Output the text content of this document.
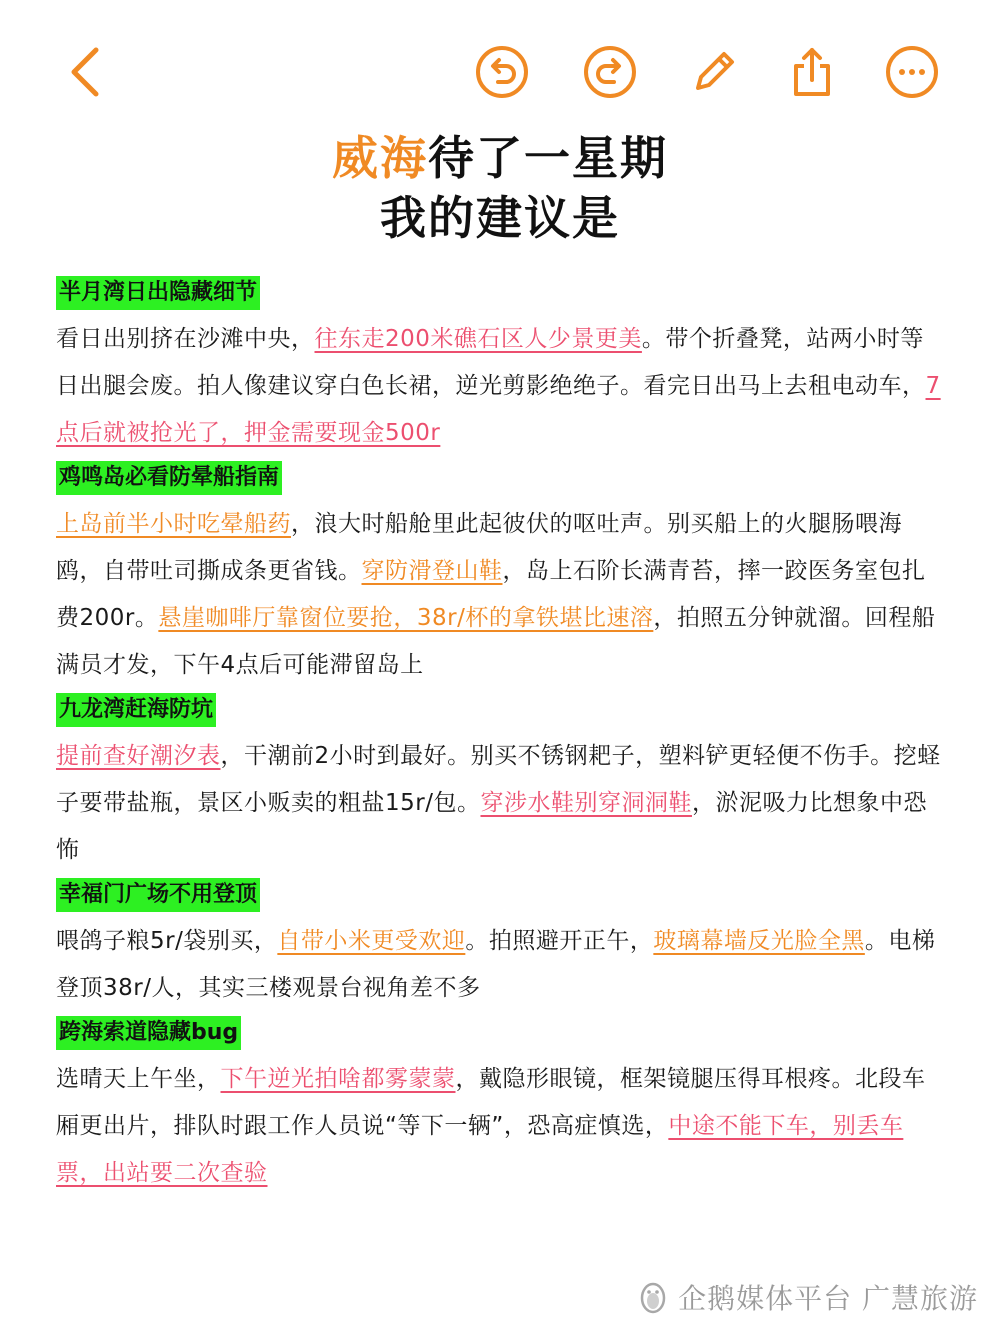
威海待了一星期
我的建议是
半月湾日出隐藏细节
看日出别挤在沙滩中央，往东走200米礁石区人少景更美。带个折叠凳，站两小时等日出腿会废。拍人像建议穿白色长裙，逆光剪影绝绝子。看完日出马上去租电动车，7点后就被抢光了，押金需要现金500r
鸡鸣岛必看防晕船指南
上岛前半小时吃晕船药，浪大时船舱里此起彼伏的呕吐声。别买船上的火腿肠喂海鸥，自带吐司撕成条更省钱。穿防滑登山鞋，岛上石阶长满青苔，摔一跤医务室包扎费200r。悬崖咖啡厅靠窗位要抢，38r/杯的拿铁堪比速溶，拍照五分钟就溜。回程船满员才发，下午4点后可能滞留岛上
九龙湾赶海防坑
提前查好潮汐表，干潮前2小时到最好。别买不锈钢耙子，塑料铲更轻便不伤手。挖蛏子要带盐瓶，景区小贩卖的粗盐15r/包。穿涉水鞋别穿洞洞鞋，淤泥吸力比想象中恐怖
幸福门广场不用登顶
喂鸽子粮5r/袋别买，自带小米更受欢迎。拍照避开正午，玻璃幕墙反光脸全黑。电梯登顶38r/人，其实三楼观景台视角差不多
跨海索道隐藏bug
选晴天上午坐，下午逆光拍啥都雾蒙蒙，戴隐形眼镜，框架镜腿压得耳根疼。北段车厢更出片，排队时跟工作人员说“等下一辆”，恐高症慎选，中途不能下车，别丢车票，出站要二次查验
企鹅媒体平台 广慧旅游
